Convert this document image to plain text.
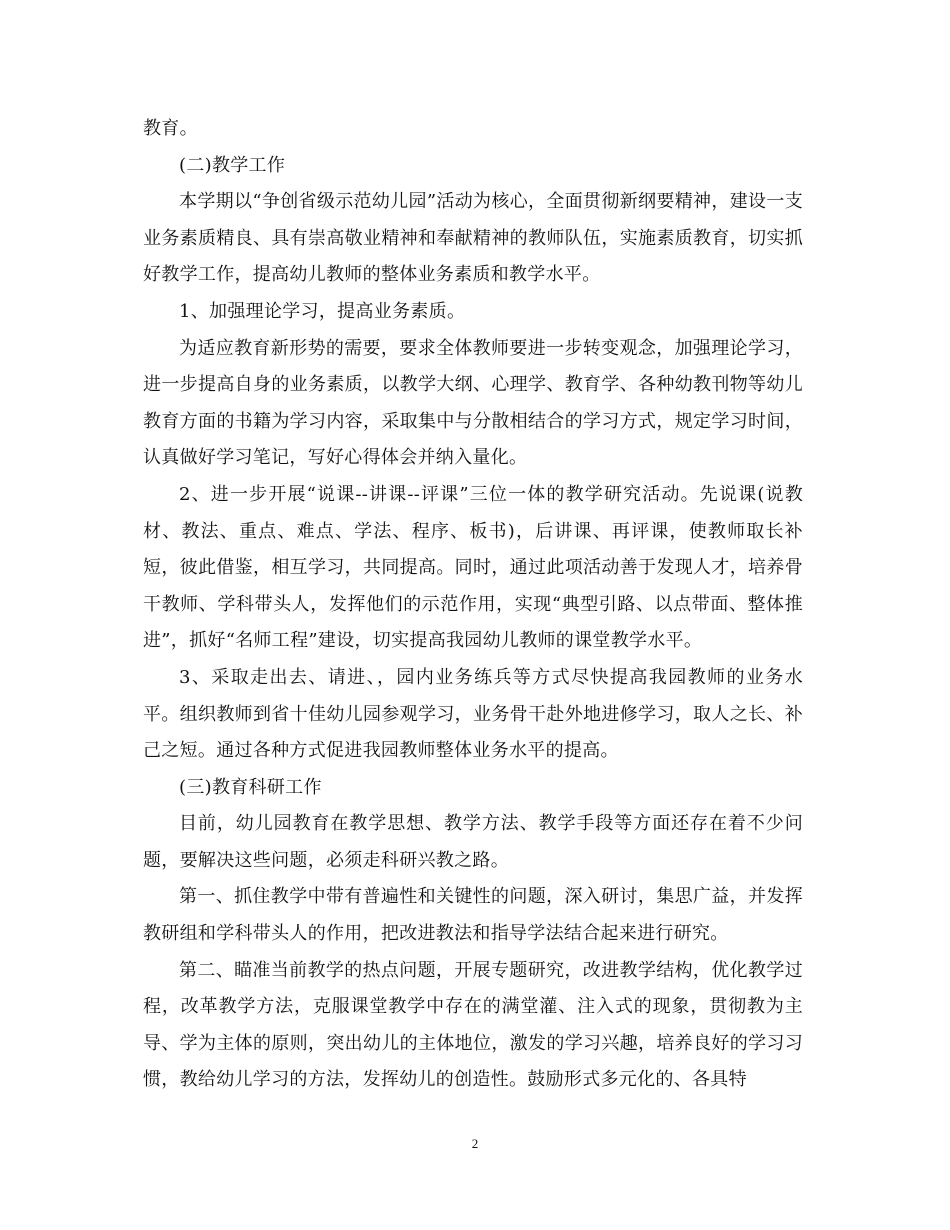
教育。

(二)教学工作

本学期以“争创省级示范幼儿园”活动为核心，全面贯彻新纲要精神，建设一支业务素质精良、具有崇高敬业精神和奉献精神的教师队伍，实施素质教育，切实抓好教学工作，提高幼儿教师的整体业务素质和教学水平。

1、加强理论学习，提高业务素质。

为适应教育新形势的需要，要求全体教师要进一步转变观念，加强理论学习，进一步提高自身的业务素质，以教学大纲、心理学、教育学、各种幼教刊物等幼儿教育方面的书籍为学习内容，采取集中与分散相结合的学习方式，规定学习时间，认真做好学习笔记，写好心得体会并纳入量化。

2、进一步开展“说课--讲课--评课”三位一体的教学研究活动。先说课(说教材、教法、重点、难点、学法、程序、板书)，后讲课、再评课，使教师取长补短，彼此借鉴，相互学习，共同提高。同时，通过此项活动善于发现人才，培养骨干教师、学科带头人，发挥他们的示范作用，实现“典型引路、以点带面、整体推进”，抓好“名师工程”建设，切实提高我园幼儿教师的课堂教学水平。

3、采取走出去、请进、，园内业务练兵等方式尽快提高我园教师的业务水平。组织教师到省十佳幼儿园参观学习，业务骨干赴外地进修学习，取人之长、补己之短。通过各种方式促进我园教师整体业务水平的提高。

(三)教育科研工作

目前，幼儿园教育在教学思想、教学方法、教学手段等方面还存在着不少问题，要解决这些问题，必须走科研兴教之路。

第一、抓住教学中带有普遍性和关键性的问题，深入研讨，集思广益，并发挥教研组和学科带头人的作用，把改进教法和指导学法结合起来进行研究。

第二、瞄准当前教学的热点问题，开展专题研究，改进教学结构，优化教学过程，改革教学方法，克服课堂教学中存在的满堂灌、注入式的现象，贯彻教为主导、学为主体的原则，突出幼儿的主体地位，激发的学习兴趣，培养良好的学习习惯，教给幼儿学习的方法，发挥幼儿的创造性。鼓励形式多元化的、各具特

2
